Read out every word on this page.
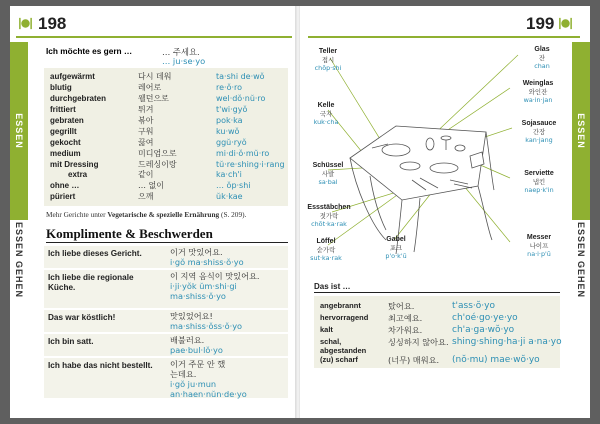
198
ESSEN
ESSEN GEHEN
Ich möchte es gern …	… 주세요.
… ju·se·yo
aufgewärmt	다시 데워	ta·shi de·wŏ
blutig	레어로	re·ŏ·ro
durchgebraten	웰던으로	wel·dŏ·nŭ·ro
frittiert	튀겨	t'wi·gyŏ
gebraten	볶아	pok·ka
gegrillt	구워	ku·wŏ
gekocht	끓여	ggŭ·ryŏ
medium	미디엄으로	mi·di·ŏ·mŭ·ro
mit Dressing	드레싱이랑	tŭ·re·shing·i·rang
extra	같이	ka·ch'i
ohne …	… 없이	… ŏp·shi
püriert	으깨	ŭk·kae
Mehr Gerichte unter Vegetarische & spezielle Ernährung (S. 209).
Komplimente & Beschwerden
Ich liebe dieses Gericht.	이거 맛있어요.
i·gŏ ma·shiss·ŏ·yo
Ich liebe die regionale Küche.
이 지역 음식이 맛있어요.
i·ji·yŏk ŭm·shi·gi ma·shiss·ŏ·yo
Das war köstlich!	맛있었어요!
ma·shiss·ŏss·ŏ·yo
Ich bin satt.	배불러요.
pae·bul·lŏ·yo
Ich habe das nicht bestellt.	이거 주문 안 했는데요.
i·gŏ ju·mun an·haen·nŭn·de·yo
199
ESSEN
ESSEN GEHEN
Teller
접시
chŏp·shi
Kelle
국자
kuk·cha
Schüssel
사발
sa·bal
Essstäbchen
젓가락
chŏt·ka·rak
Löffel
숟가락
sut·ka·rak
Gabel
포크
p'o·k'ŭ
Glas
잔
chan
Weinglas
와인잔
wa·in·jan
Sojasauce
간장
kan·jang
Serviette
냅킨
naep·k'in
Messer
나이프
na·i·p'ŭ
Das ist …
angebrannt	탔어요.	t'ass·ŏ·yo
hervorragend	최고예요.	ch'oé·go·ye·yo
kalt	차가워요.	ch'a·ga·wŏ·yo
schal, abgestanden
싱싱하지 않아요. shing·shing·ha·ji a·na·yo
(zu) scharf	(너무) 매워요.	(nŏ·mu) mae·wŏ·yo
